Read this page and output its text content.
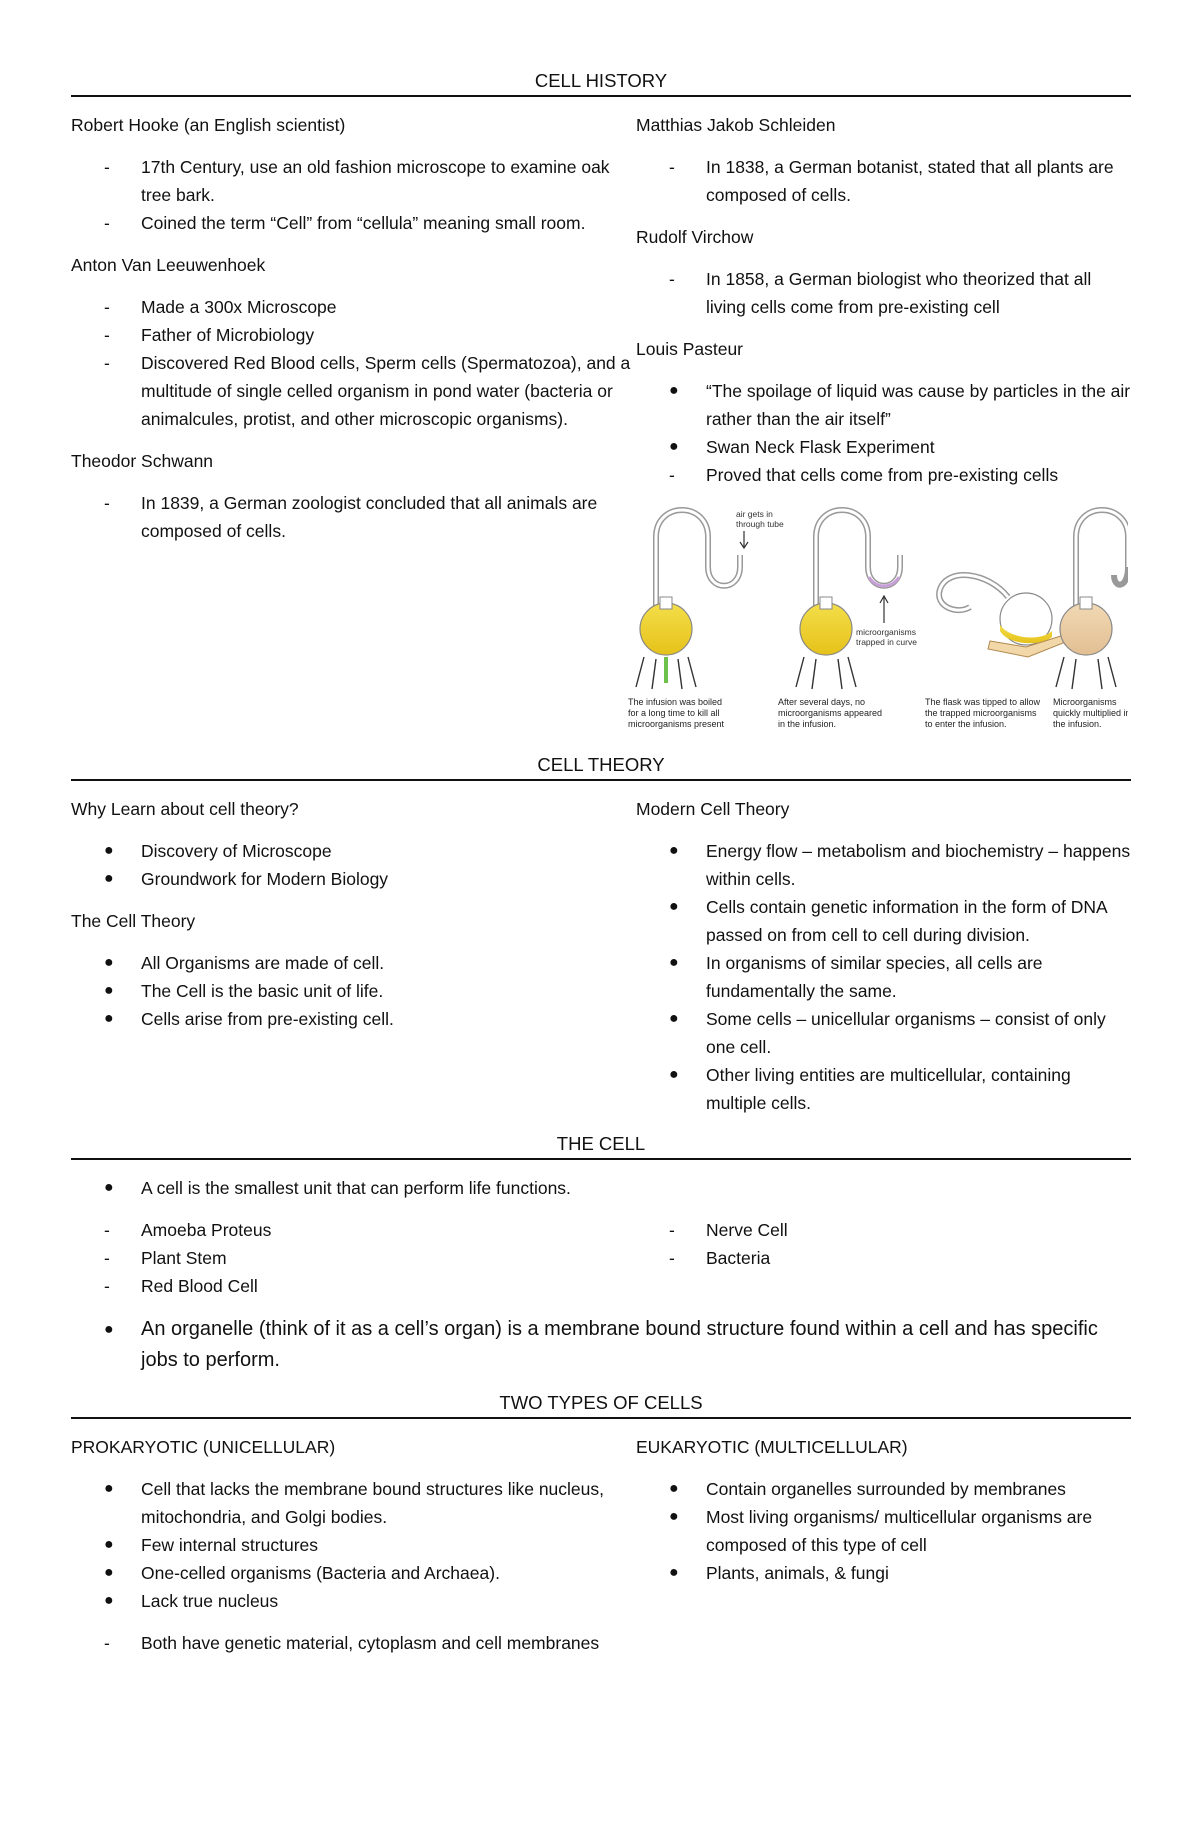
CELL HISTORY
Robert Hooke (an English scientist)
- 17th Century, use an old fashion microscope to examine oak tree bark.
- Coined the term “Cell” from “cellula” meaning small room.
Anton Van Leeuwenhoek
- Made a 300x Microscope
- Father of Microbiology
- Discovered Red Blood cells, Sperm cells (Spermatozoa), and a multitude of single celled organism in pond water (bacteria or animalcules, protist, and other microscopic organisms).
Theodor Schwann
- In 1839, a German zoologist concluded that all animals are composed of cells.
Matthias Jakob Schleiden
- In 1838, a German botanist, stated that all plants are composed of cells.
Rudolf Virchow
- In 1858, a German biologist who theorized that all living cells come from pre-existing cell
Louis Pasteur
● “The spoilage of liquid was cause by particles in the air rather than the air itself”
● Swan Neck Flask Experiment
- Proved that cells come from pre-existing cells
air gets in
through tube
microorganisms
trapped in curve
The infusion was boiled
for a long time to kill all
microorganisms present
After several days, no
microorganisms appeared
in the infusion.
The flask was tipped to allow
the trapped microorganisms
to enter the infusion.
Microorganisms
quickly multiplied in
the infusion.
CELL THEORY
Why Learn about cell theory?
● Discovery of Microscope
● Groundwork for Modern Biology
The Cell Theory
● All Organisms are made of cell.
● The Cell is the basic unit of life.
● Cells arise from pre-existing cell.
Modern Cell Theory
● Energy flow – metabolism and biochemistry – happens within cells.
● Cells contain genetic information in the form of DNA passed on from cell to cell during division.
● In organisms of similar species, all cells are fundamentally the same.
● Some cells – unicellular organisms – consist of only one cell.
● Other living entities are multicellular, containing multiple cells.
THE CELL
● A cell is the smallest unit that can perform life functions.
- Amoeba Proteus
- Plant Stem
- Red Blood Cell
- Nerve Cell
- Bacteria
● An organelle (think of it as a cell’s organ) is a membrane bound structure found within a cell and has specific jobs to perform.
TWO TYPES OF CELLS
PROKARYOTIC (UNICELLULAR)
● Cell that lacks the membrane bound structures like nucleus, mitochondria, and Golgi bodies.
● Few internal structures
● One-celled organisms (Bacteria and Archaea).
● Lack true nucleus
EUKARYOTIC (MULTICELLULAR)
● Contain organelles surrounded by membranes
● Most living organisms/ multicellular organisms are composed of this type of cell
● Plants, animals, & fungi
- Both have genetic material, cytoplasm and cell membranes
